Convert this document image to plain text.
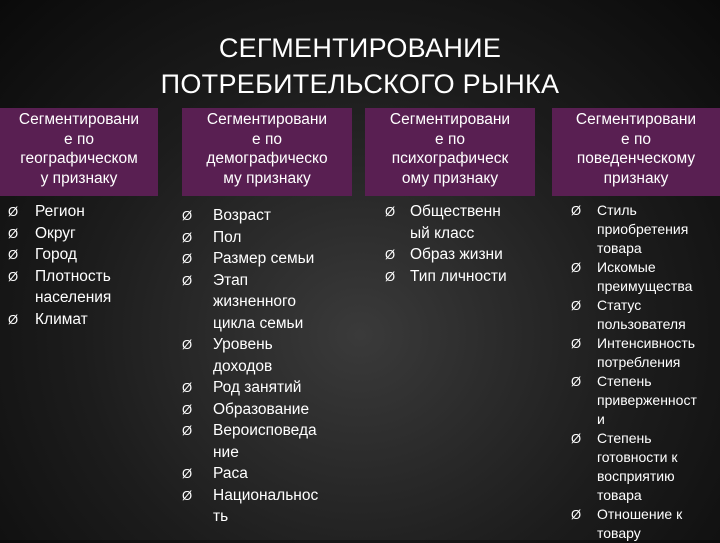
СЕГМЕНТИРОВАНИЕ
ПОТРЕБИТЕЛЬСКОГО РЫНКА
Сегментировани
е по
географическом
у признаку
Ø Регион
Ø Округ
Ø Город
Ø Плотность
населения
Ø Климат
Сегментировани
е по
демографическо
му признаку
Ø Возраст
Ø Пол
Ø Размер семьи
Ø Этап
жизненного
цикла семьи
Ø Уровень
доходов
Ø Род занятий
Ø Образование
Ø Вероисповеда
ние
Ø Раса
Ø Национальнос
ть
Сегментировани
е по
психографическ
ому признаку
Ø Общественн
ый класс
Ø Образ жизни
Ø Тип личности
Сегментировани
е по
поведенческому
признаку
Ø Стиль
приобретения
товара
Ø Искомые
преимущества
Ø Статус
пользователя
Ø Интенсивность
потребления
Ø Степень
приверженност
и
Ø Степень
готовности к
восприятию
товара
Ø Отношение к
товару
